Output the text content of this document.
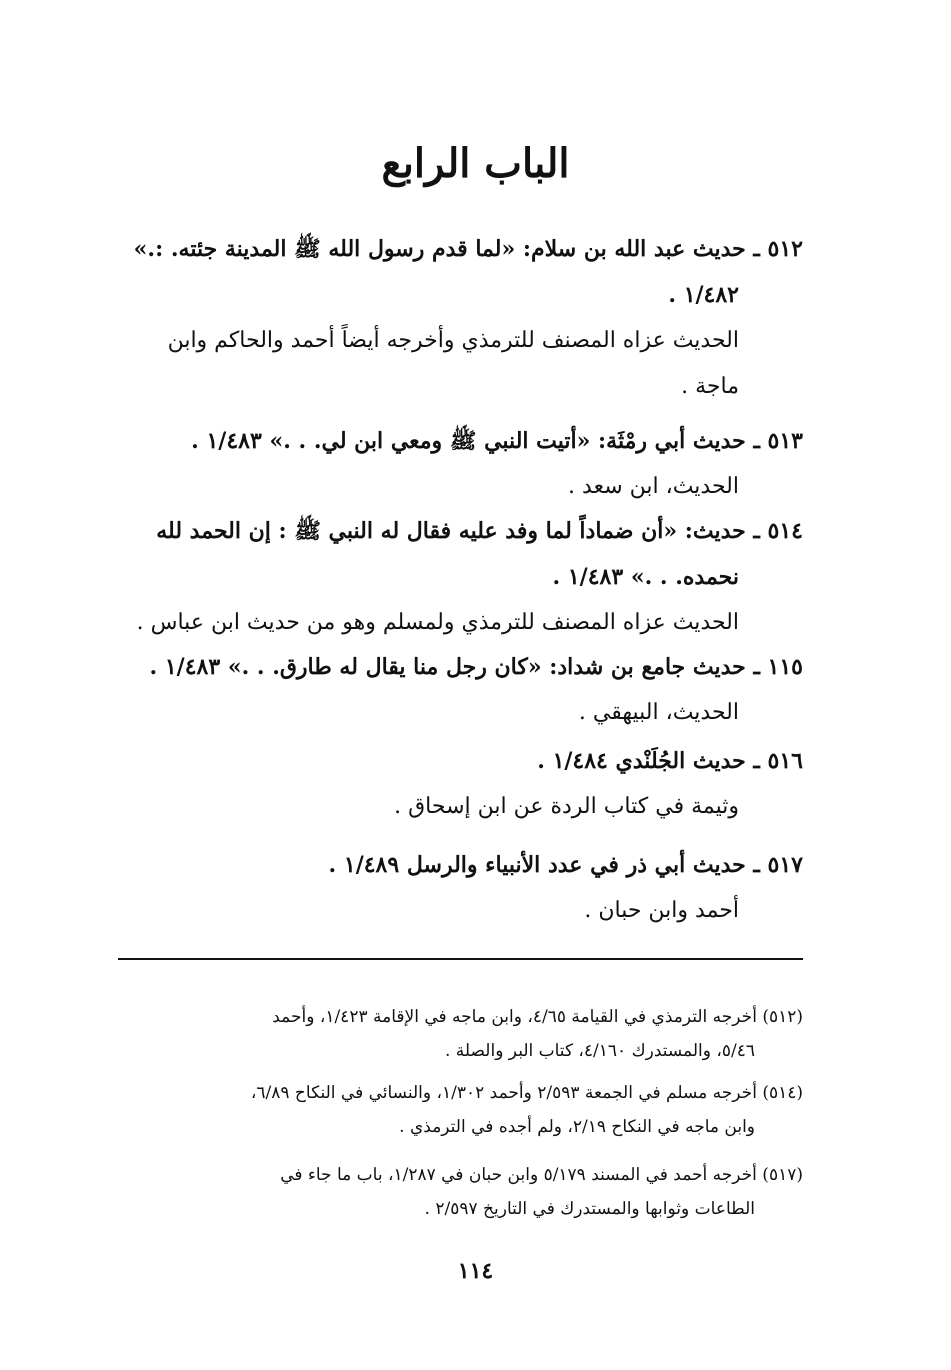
الباب الرابع
٥١٢ ـ حديث عبد الله بن سلام: «لما قدم رسول الله ﷺ المدينة جئته. :.»
١/٤٨٢ .
الحديث عزاه المصنف للترمذي وأخرجه أيضاً أحمد والحاكم وابن
ماجة .
٥١٣ ـ حديث أبي رمْثَة: «أتيت النبي ﷺ ومعي ابن لي. . .» ١/٤٨٣ .
الحديث، ابن سعد .
٥١٤ ـ حديث: «أن ضماداً لما وفد عليه فقال له النبي ﷺ : إن الحمد لله
نحمده. . .» ١/٤٨٣ .
الحديث عزاه المصنف للترمذي ولمسلم وهو من حديث ابن عباس .
١١٥ ـ حديث جامع بن شداد: «كان رجل منا يقال له طارق. . .» ١/٤٨٣ .
الحديث، البيهقي .
٥١٦ ـ حديث الجُلَنْدي ١/٤٨٤ .
وثيمة في كتاب الردة عن ابن إسحاق .
٥١٧ ـ حديث أبي ذر في عدد الأنبياء والرسل ١/٤٨٩ .
أحمد وابن حبان .
(٥١٢) أخرجه الترمذي في القيامة ٤/٦٥، وابن ماجه في الإقامة ١/٤٢٣، وأحمد
٥/٤٦، والمستدرك ٤/١٦٠، كتاب البر والصلة .
(٥١٤) أخرجه مسلم في الجمعة ٢/٥٩٣ وأحمد ١/٣٠٢، والنسائي في النكاح ٦/٨٩،
وابن ماجه في النكاح ٢/١٩، ولم أجده في الترمذي .
(٥١٧) أخرجه أحمد في المسند ٥/١٧٩ وابن حبان في ١/٢٨٧، باب ما جاء في
الطاعات وثوابها والمستدرك في التاريخ ٢/٥٩٧ .
١١٤
